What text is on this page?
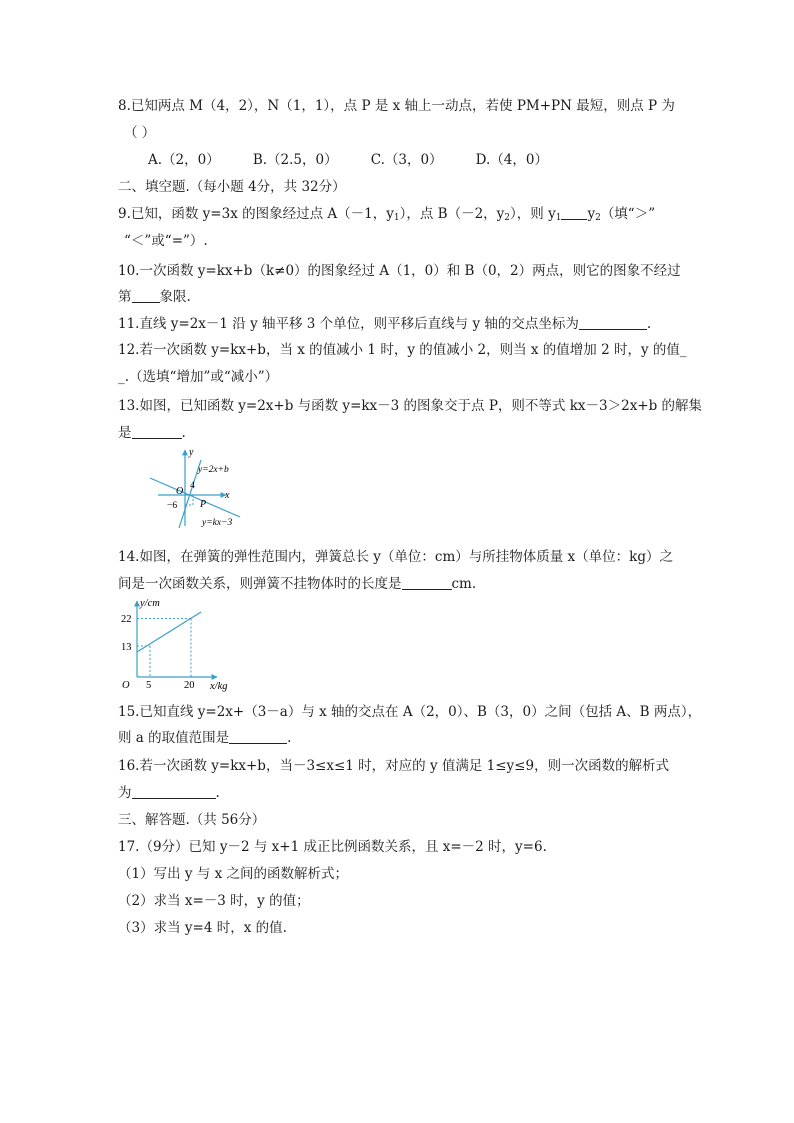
8.已知两点 M（4，2），N（1，1），点 P 是 x 轴上一动点，若使 PM+PN 最短，则点 P 为
（ ）
A.（2，0） B.（2.5，0） C.（3，0） D.（4，0）
二、填空题.（每小题 4分，共 32分）
9.已知，函数 y=3x 的图象经过点 A（－1，$y_1$），点 B（－2，$y_2$），则 $y_1$ $y_2$（填“＞”
“＜”或“=”）.
10.一次函数 y=kx+b（k≠0）的图象经过 A（1，0）和 B（0，2）两点，则它的图象不经过
第 象限.
11.直线 y=2x－1 沿 y 轴平移 3 个单位，则平移后直线与 y 轴的交点坐标为	.
12.若一次函数 y=kx+b，当 x 的值减小 1 时，y 的值减小 2，则当 x 的值增加 2 时，y 的值_
_.（选填“增加”或“减小”）
13.如图，已知函数 y=2x+b 与函数 y=kx－3 的图象交于点 P，则不等式 kx－3＞2x+b 的解集
是	.
y
x
y=2x+b
y=kx−3
O
P
4
−6
14.如图，在弹簧的弹性范围内，弹簧总长 y（单位：cm）与所挂物体质量 x（单位：kg）之
间是一次函数关系，则弹簧不挂物体时的长度是	cm.
y/cm
x/kg
22
13
5	20
O
15.已知直线 y=2x+（3－a）与 x 轴的交点在 A（2，0）、B（3，0）之间（包括 A、B 两点），
则 a 的取值范围是	.
16.若一次函数 y=kx+b，当－3≤x≤1 时，对应的 y 值满足 1≤y≤9，则一次函数的解析式
为	.
三、解答题.（共 56分）
17.（9分）已知 y－2 与 x+1 成正比例函数关系，且 x=－2 时，y=6.
（1）写出 y 与 x 之间的函数解析式；
（2）求当 x=－3 时，y 的值；
（3）求当 y=4 时，x 的值.
